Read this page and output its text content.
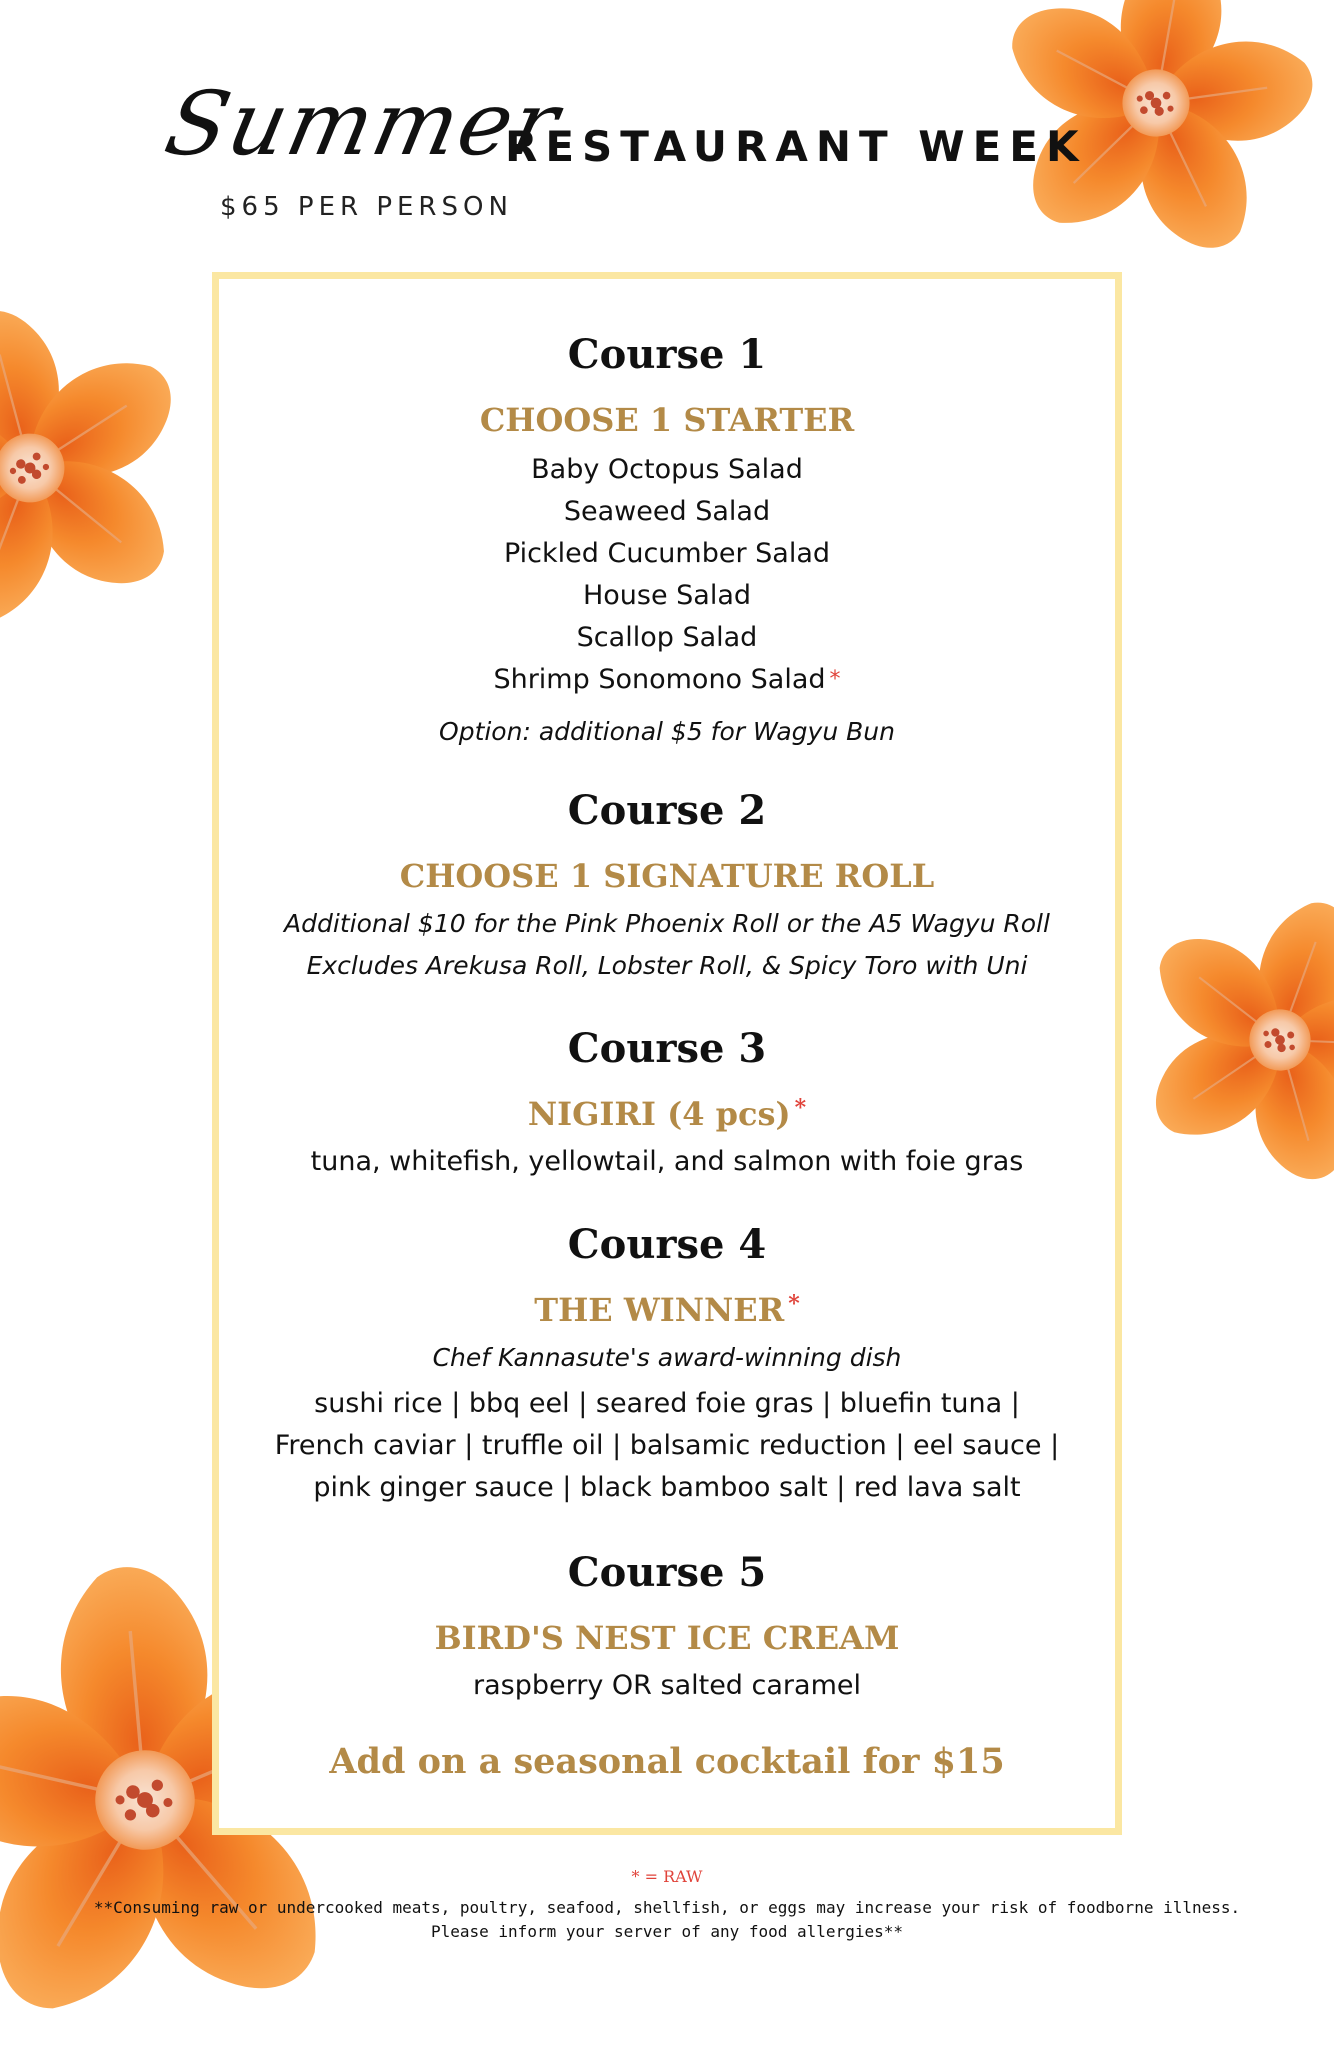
Summer
RESTAURANT WEEK
$65 PER PERSON
Course 1
CHOOSE 1 STARTER
Baby Octopus Salad
Seaweed Salad
Pickled Cucumber Salad
House Salad
Scallop Salad
Shrimp Sonomono Salad *
Option: additional $5 for Wagyu Bun
Course 2
CHOOSE 1 SIGNATURE ROLL
Additional $10 for the Pink Phoenix Roll or the A5 Wagyu Roll
Excludes Arekusa Roll, Lobster Roll, & Spicy Toro with Uni
Course 3
NIGIRI (4 pcs) *
tuna, whitefish, yellowtail, and salmon with foie gras
Course 4
THE WINNER *
Chef Kannasute's award-winning dish
sushi rice | bbq eel | seared foie gras | bluefin tuna |
French caviar | truffle oil | balsamic reduction | eel sauce |
pink ginger sauce | black bamboo salt | red lava salt
Course 5
BIRD'S NEST ICE CREAM
raspberry OR salted caramel
Add on a seasonal cocktail for $15
* = RAW
**Consuming raw or undercooked meats, poultry, seafood, shellfish, or eggs may increase your risk of foodborne illness.
Please inform your server of any food allergies**
